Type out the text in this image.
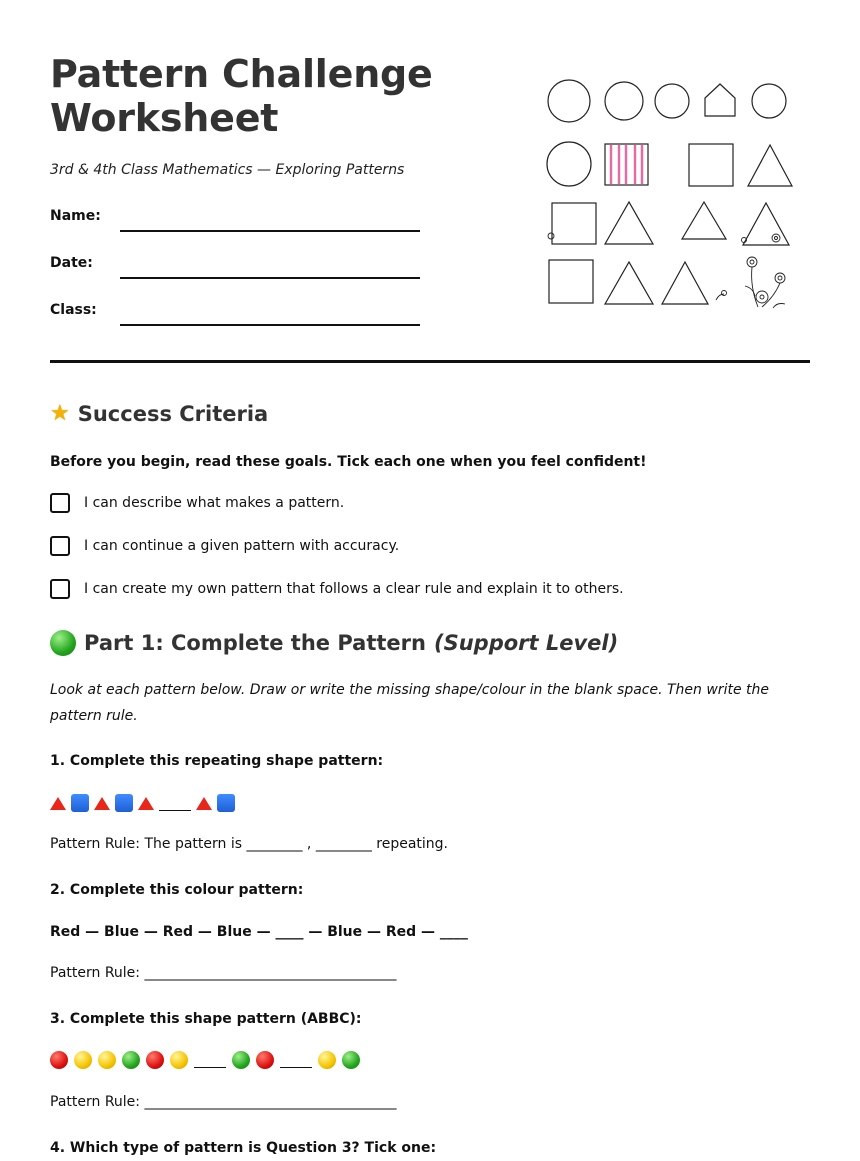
Pattern Challenge
Worksheet
3rd & 4th Class Mathematics — Exploring Patterns
Name:
Date:
Class:
★ Success Criteria
Before you begin, read these goals. Tick each one when you feel confident!
I can describe what makes a pattern.
I can continue a given pattern with accuracy.
I can create my own pattern that follows a clear rule and explain it to others.
Part 1: Complete the Pattern (Support Level)
Look at each pattern below. Draw or write the missing shape/colour in the blank space. Then write the pattern rule.
1. Complete this repeating shape pattern:
Pattern Rule: The pattern is ________ , ________ repeating.
2. Complete this colour pattern:
Red — Blue — Red — Blue — ____ — Blue — Red — ____
Pattern Rule: ____________________________________
3. Complete this shape pattern (ABBC):
Pattern Rule: ____________________________________
4. Which type of pattern is Question 3? Tick one:
